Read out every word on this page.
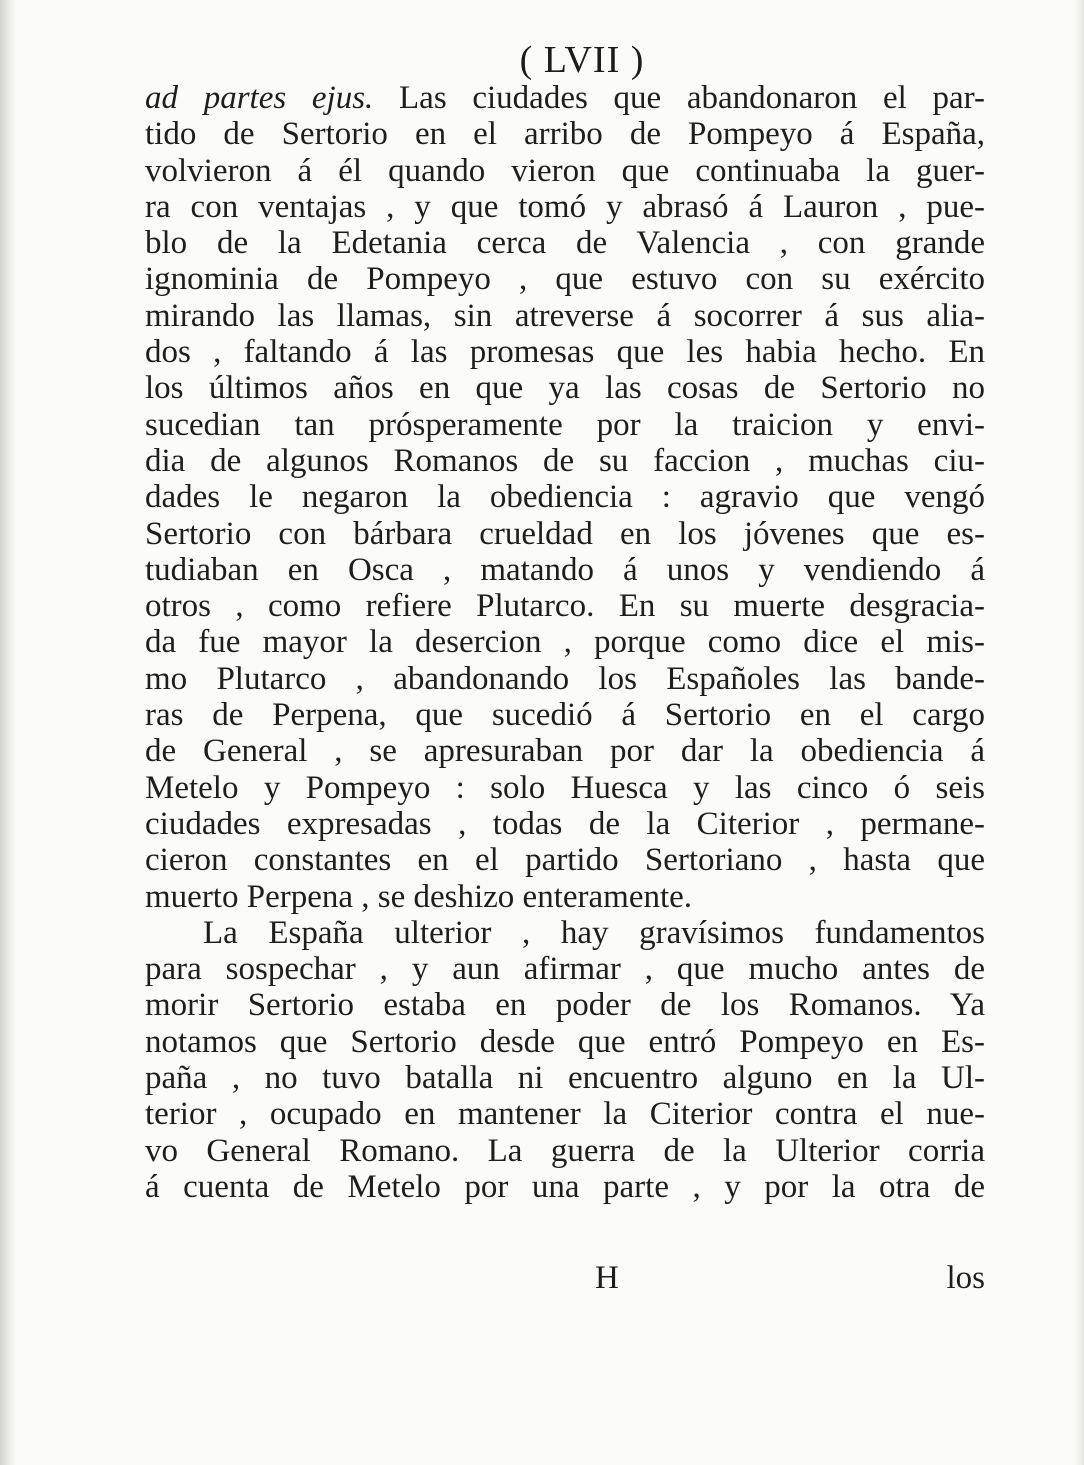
( LVII )
ad partes ejus. Las ciudades que abandonaron el par-
tido de Sertorio en el arribo de Pompeyo á España,
volvieron á él quando vieron que continuaba la guer-
ra con ventajas , y que tomó y abrasó á Lauron , pue-
blo de la Edetania cerca de Valencia , con grande
ignominia de Pompeyo , que estuvo con su exército
mirando las llamas, sin atreverse á socorrer á sus alia-
dos , faltando á las promesas que les habia hecho. En
los últimos años en que ya las cosas de Sertorio no
sucedian tan prósperamente por la traicion y envi-
dia de algunos Romanos de su faccion , muchas ciu-
dades le negaron la obediencia : agravio que vengó
Sertorio con bárbara crueldad en los jóvenes que es-
tudiaban en Osca , matando á unos y vendiendo á
otros , como refiere Plutarco. En su muerte desgracia-
da fue mayor la desercion , porque como dice el mis-
mo Plutarco , abandonando los Españoles las bande-
ras de Perpena, que sucedió á Sertorio en el cargo
de General , se apresuraban por dar la obediencia á
Metelo y Pompeyo : solo Huesca y las cinco ó seis
ciudades expresadas , todas de la Citerior , permane-
cieron constantes en el partido Sertoriano , hasta que
muerto Perpena , se deshizo enteramente.
La España ulterior , hay gravísimos fundamentos
para sospechar , y aun afirmar , que mucho antes de
morir Sertorio estaba en poder de los Romanos. Ya
notamos que Sertorio desde que entró Pompeyo en Es-
paña , no tuvo batalla ni encuentro alguno en la Ul-
terior , ocupado en mantener la Citerior contra el nue-
vo General Romano. La guerra de la Ulterior corria
á cuenta de Metelo por una parte , y por la otra de
H	los
